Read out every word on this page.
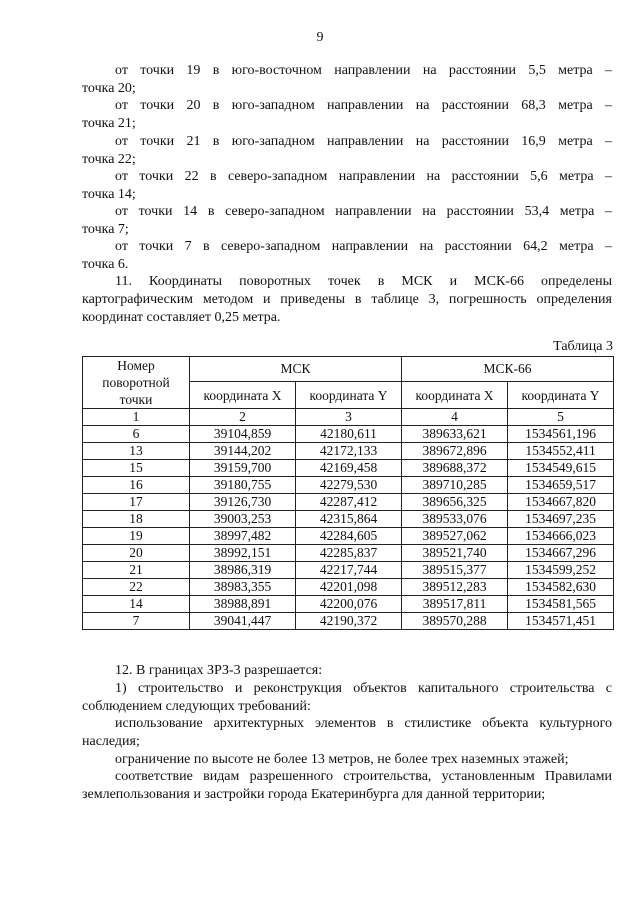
9

от точки 19 в юго-восточном направлении на расстоянии 5,5 метра –

точка 20;

от точки 20 в юго-западном направлении на расстоянии 68,3 метра –

точка 21;

от точки 21 в юго-западном направлении на расстоянии 16,9 метра –

точка 22;

от точки 22 в северо-западном направлении на расстоянии 5,6 метра –

точка 14;

от точки 14 в северо-западном направлении на расстоянии 53,4 метра –

точка 7;

от точки 7 в северо-западном направлении на расстоянии 64,2 метра –

точка 6.

11. Координаты поворотных точек в МСК и МСК-66 определены картографическим методом и приведены в таблице 3, погрешность определения координат составляет 0,25 метра.

Таблица 3
Номер поворотной точки	МСК		МСК-66	
	координата X	координата Y	координата X	координата Y
1	2	3	4	5
6	39104,859	42180,611	389633,621	1534561,196
13	39144,202	42172,133	389672,896	1534552,411
15	39159,700	42169,458	389688,372	1534549,615
16	39180,755	42279,530	389710,285	1534659,517
17	39126,730	42287,412	389656,325	1534667,820
18	39003,253	42315,864	389533,076	1534697,235
19	38997,482	42284,605	389527,062	1534666,023
20	38992,151	42285,837	389521,740	1534667,296
21	38986,319	42217,744	389515,377	1534599,252
22	38983,355	42201,098	389512,283	1534582,630
14	38988,891	42200,076	389517,811	1534581,565
7	39041,447	42190,372	389570,288	1534571,451

12. В границах ЗРЗ-3 разрешается:

1) строительство и реконструкция объектов капитального строительства с соблюдением следующих требований:

использование архитектурных элементов в стилистике объекта культурного наследия;

ограничение по высоте не более 13 метров, не более трех наземных этажей;

соответствие видам разрешенного строительства, установленным Правилами землепользования и застройки города Екатеринбурга для данной территории;
